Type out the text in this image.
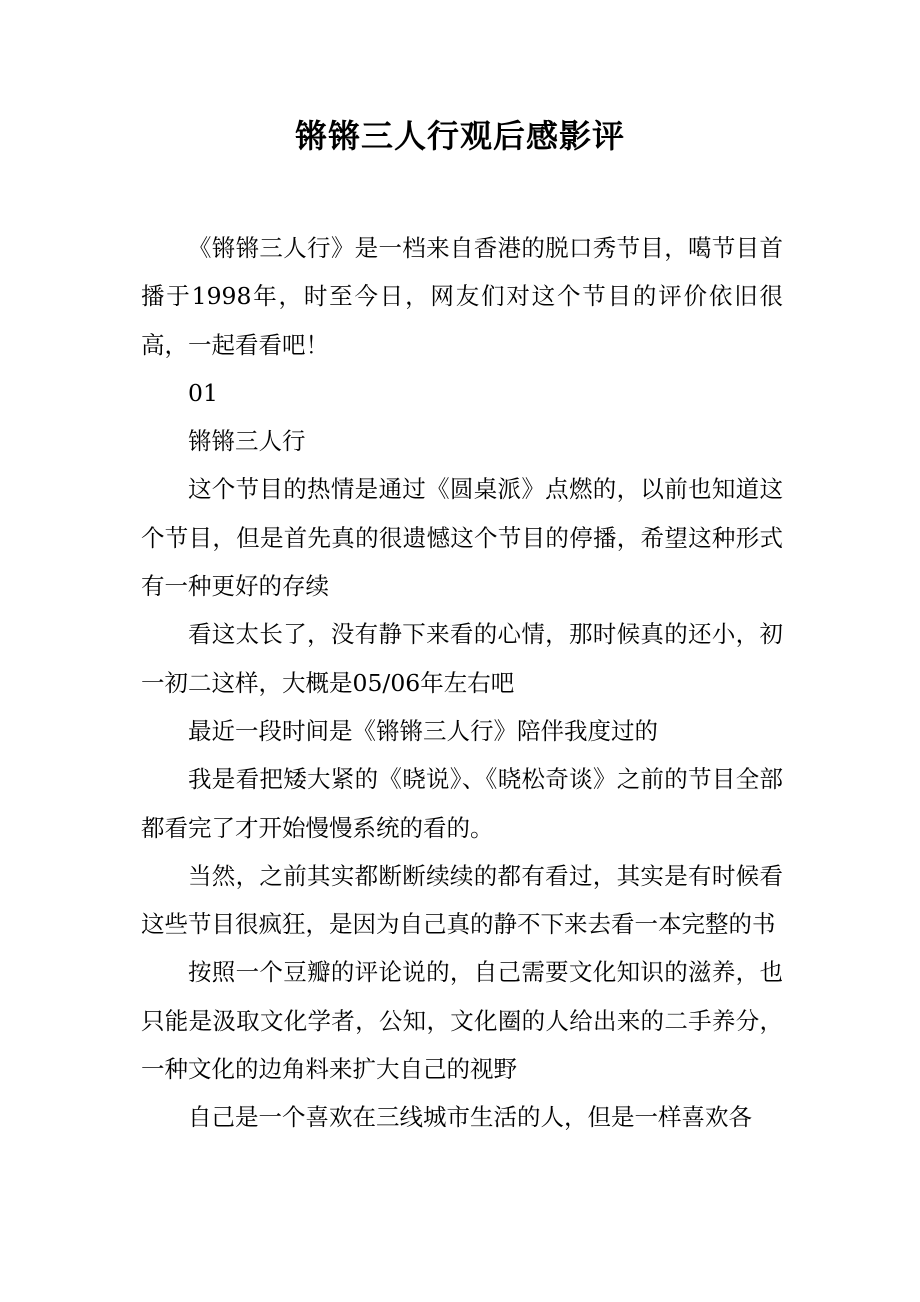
锵锵三人行观后感影评

《锵锵三人行》是一档来自香港的脱口秀节目，噶节目首播于1998年，时至今日，网友们对这个节目的评价依旧很高，一起看看吧！

01

锵锵三人行

这个节目的热情是通过《圆桌派》点燃的，以前也知道这个节目，但是首先真的很遗憾这个节目的停播，希望这种形式有一种更好的存续

看这太长了，没有静下来看的心情，那时候真的还小，初一初二这样，大概是05/06年左右吧

最近一段时间是《锵锵三人行》陪伴我度过的

我是看把矮大紧的《晓说》、《晓松奇谈》之前的节目全部都看完了才开始慢慢系统的看的。

当然，之前其实都断断续续的都有看过，其实是有时候看这些节目很疯狂，是因为自己真的静不下来去看一本完整的书

按照一个豆瓣的评论说的，自己需要文化知识的滋养，也只能是汲取文化学者，公知，文化圈的人给出来的二手养分，一种文化的边角料来扩大自己的视野

自己是一个喜欢在三线城市生活的人，但是一样喜欢各
